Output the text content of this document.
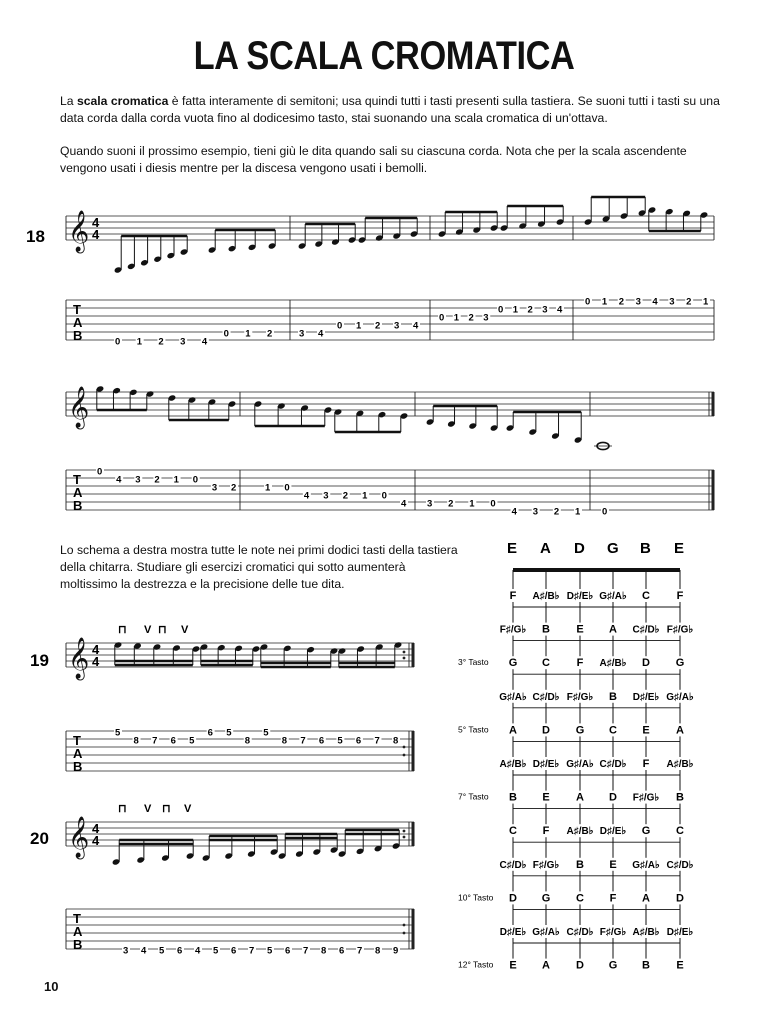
LA SCALA CROMATICA

La scala cromatica è fatta interamente di semitoni; usa quindi tutti i tasti presenti sulla tastiera. Se suoni tutti i tasti su una data corda dalla corda vuota fino al dodicesimo tasto, stai suonando una scala cromatica di un'ottava.

Quando suoni il prossimo esempio, tieni giù le dita quando sali su ciascuna corda. Nota che per la scala ascendente vengono usati i diesis mentre per la discesa vengono usati i bemolli.

Lo schema a destra mostra tutte le note nei primi dodici tasti della tastiera della chitarra. Studiare gli esercizi cromatici qui sotto aumenterà moltissimo la destrezza e la precisione delle tue dita.

10
18
19
20
𝄞 4
4
T
A
B	0 1 2 3 4
0 1 2	3 4
0 1 2 3 4
0 1 2 3
0 1 2 3 4
0 1 2 3 4 3 2 1
𝄞
T
A
B
0
4 3 2 1 0
3 2	1 0
4 3 2 1 0
4 3 2 1 0
4 3 2 1 0
𝄞 4
4
⊓ V ⊓ V
T
A
B
5
8 7 6 5
6 5
8
5
8 7 6 5 6 7 8
𝄞 4
4
⊓ V ⊓ V
T
A
B	3 4 5 6 4 5 6 7 5 6 7 8 6 7 8 9
E A D G B E
F A♯/B♭ D♯/E♭ G♯/A♭ C F
F♯/G♭ B E A C♯/D♭ F♯/G♭
G C F A♯/B♭ D G
G♯/A♭ C♯/D♭ F♯/G♭ B D♯/E♭ G♯/A♭
A D G C E A
A♯/B♭ D♯/E♭ G♯/A♭ C♯/D♭ F A♯/B♭
B E A D F♯/G♭ B
C F A♯/B♭ D♯/E♭ G C
C♯/D♭ F♯/G♭ B E G♯/A♭ C♯/D♭
D G C F A D
D♯/E♭ G♯/A♭ C♯/D♭ F♯/G♭ A♯/B♭ D♯/E♭
E A D G B E
3° Tasto
5° Tasto
7° Tasto
10° Tasto
12° Tasto
